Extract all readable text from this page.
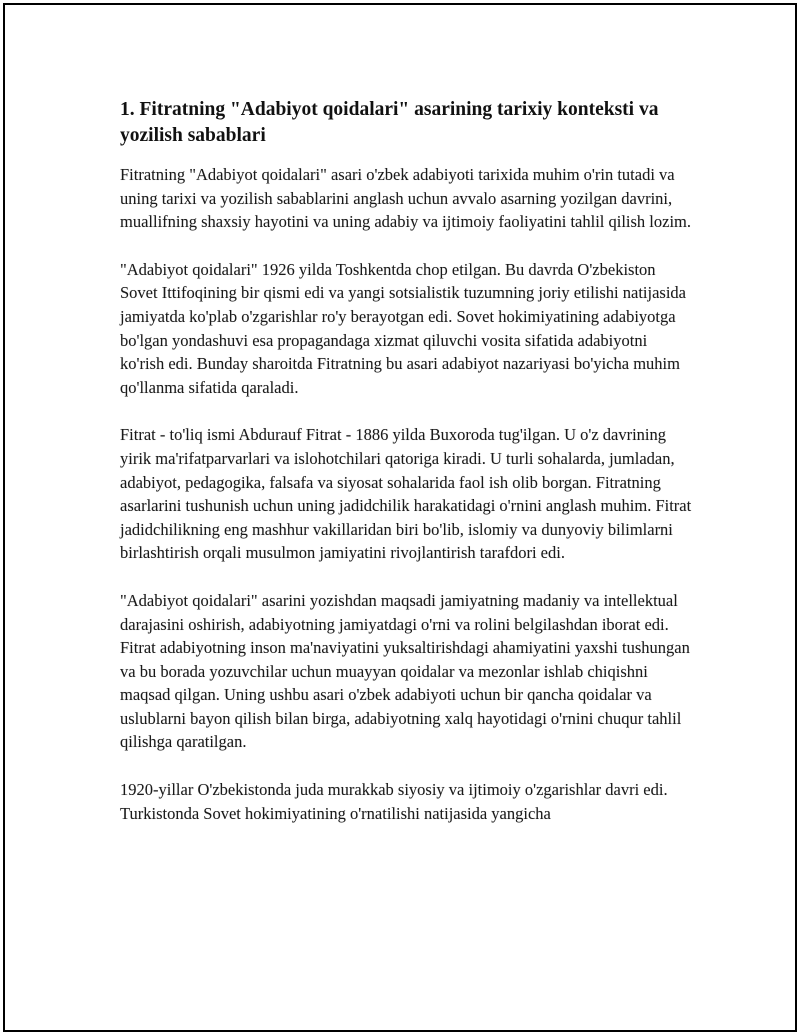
1. Fitratning "Adabiyot qoidalari" asarining tarixiy konteksti va yozilish sabablari

Fitratning "Adabiyot qoidalari" asari o'zbek adabiyoti tarixida muhim o'rin tutadi va uning tarixi va yozilish sabablarini anglash uchun avvalo asarning yozilgan davrini, muallifning shaxsiy hayotini va uning adabiy va ijtimoiy faoliyatini tahlil qilish lozim.

"Adabiyot qoidalari" 1926 yilda Toshkentda chop etilgan. Bu davrda O'zbekiston Sovet Ittifoqining bir qismi edi va yangi sotsialistik tuzumning joriy etilishi natijasida jamiyatda ko'plab o'zgarishlar ro'y berayotgan edi. Sovet hokimiyatining adabiyotga bo'lgan yondashuvi esa propagandaga xizmat qiluvchi vosita sifatida adabiyotni ko'rish edi. Bunday sharoitda Fitratning bu asari adabiyot nazariyasi bo'yicha muhim qo'llanma sifatida qaraladi.

Fitrat - to'liq ismi Abdurauf Fitrat - 1886 yilda Buxoroda tug'ilgan. U o'z davrining yirik ma'rifatparvarlari va islohotchilari qatoriga kiradi. U turli sohalarda, jumladan, adabiyot, pedagogika, falsafa va siyosat sohalarida faol ish olib borgan. Fitratning asarlarini tushunish uchun uning jadidchilik harakatidagi o'rnini anglash muhim. Fitrat jadidchilikning eng mashhur vakillaridan biri bo'lib, islomiy va dunyoviy bilimlarni birlashtirish orqali musulmon jamiyatini rivojlantirish tarafdori edi.

"Adabiyot qoidalari" asarini yozishdan maqsadi jamiyatning madaniy va intellektual darajasini oshirish, adabiyotning jamiyatdagi o'rni va rolini belgilashdan iborat edi. Fitrat adabiyotning inson ma'naviyatini yuksaltirishdagi ahamiyatini yaxshi tushungan va bu borada yozuvchilar uchun muayyan qoidalar va mezonlar ishlab chiqishni maqsad qilgan. Uning ushbu asari o'zbek adabiyoti uchun bir qancha qoidalar va uslublarni bayon qilish bilan birga, adabiyotning xalq hayotidagi o'rnini chuqur tahlil qilishga qaratilgan.

1920-yillar O'zbekistonda juda murakkab siyosiy va ijtimoiy o'zgarishlar davri edi. Turkistonda Sovet hokimiyatining o'rnatilishi natijasida yangicha
